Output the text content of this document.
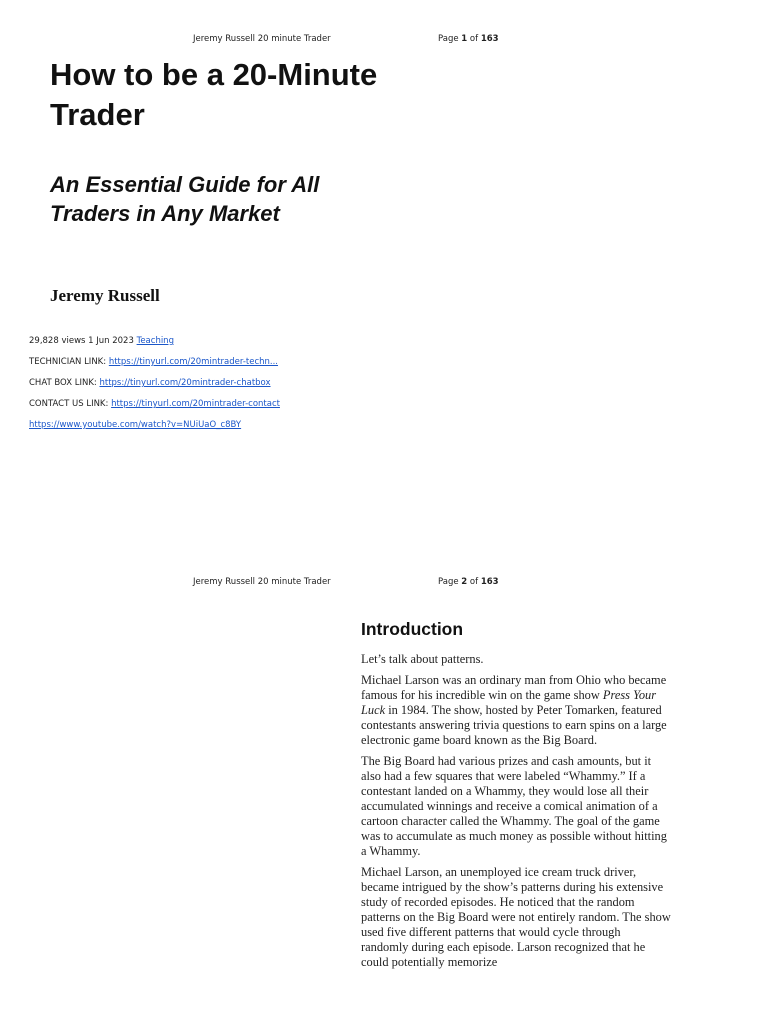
Jeremy Russell 20 minute Trader	Page 1 of 163
How to be a 20-Minute Trader
An Essential Guide for All Traders in Any Market
Jeremy Russell
29,828 views 1 Jun 2023 Teaching
TECHNICIAN LINK: https://tinyurl.com/20mintrader-techn...
CHAT BOX LINK: https://tinyurl.com/20mintrader-chatbox
CONTACT US LINK: https://tinyurl.com/20mintrader-contact
https://www.youtube.com/watch?v=NUiUaO_c8BY
Jeremy Russell 20 minute Trader	Page 2 of 163
Introduction

Let’s talk about patterns.

Michael Larson was an ordinary man from Ohio who became famous for his incredible win on the game show Press Your Luck in 1984. The show, hosted by Peter Tomarken, featured contestants answering trivia questions to earn spins on a large electronic game board known as the Big Board.

The Big Board had various prizes and cash amounts, but it also had a few squares that were labeled “Whammy.” If a contestant landed on a Whammy, they would lose all their accumulated winnings and receive a comical animation of a cartoon character called the Whammy. The goal of the game was to accumulate as much money as possible without hitting a Whammy.

Michael Larson, an unemployed ice cream truck driver, became intrigued by the show’s patterns during his extensive study of recorded episodes. He noticed that the random patterns on the Big Board were not entirely random. The show used five different patterns that would cycle through randomly during each episode. Larson recognized that he could potentially memorize
